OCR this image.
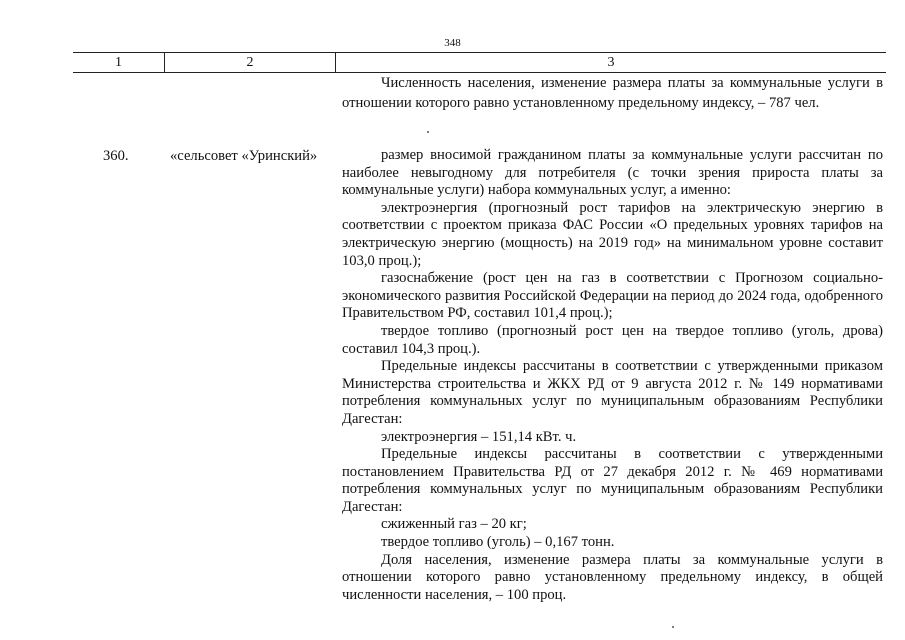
348
1	2	3

Численность населения, изменение размера платы за коммунальные услуги в отношении которого равно установленному предельному индексу, – 787 чел.

360.	«сельсовет «Уринский»	размер вносимой гражданином платы за коммунальные услуги рассчитан по наиболее невыгодному для потребителя (с точки зрения прироста платы за коммунальные услуги) набора коммунальных услуг, а именно:

электроэнергия (прогнозный рост тарифов на электрическую энергию в соответствии с проектом приказа ФАС России «О предельных уровнях тарифов на электрическую энергию (мощность) на 2019 год» на минимальном уровне составит 103,0 проц.);

газоснабжение (рост цен на газ в соответствии с Прогнозом социально-экономического развития Российской Федерации на период до 2024 года, одобренного Правительством РФ, составил 101,4 проц.);

твердое топливо (прогнозный рост цен на твердое топливо (уголь, дрова) составил 104,3 проц.).

Предельные индексы рассчитаны в соответствии с утвержденными приказом Министерства строительства и ЖКХ РД от 9 августа 2012 г. № 149 нормативами потребления коммунальных услуг по муниципальным образованиям Республики Дагестан:

электроэнергия – 151,14 кВт. ч.

Предельные индексы рассчитаны в соответствии с утвержденными постановлением Правительства РД от 27 декабря 2012 г. № 469 нормативами потребления коммунальных услуг по муниципальным образованиям Республики Дагестан:

сжиженный газ – 20 кг;

твердое топливо (уголь) – 0,167 тонн.

Доля населения, изменение размера платы за коммунальные услуги в отношении которого равно установленному предельному индексу, в общей численности населения, – 100 проц.
